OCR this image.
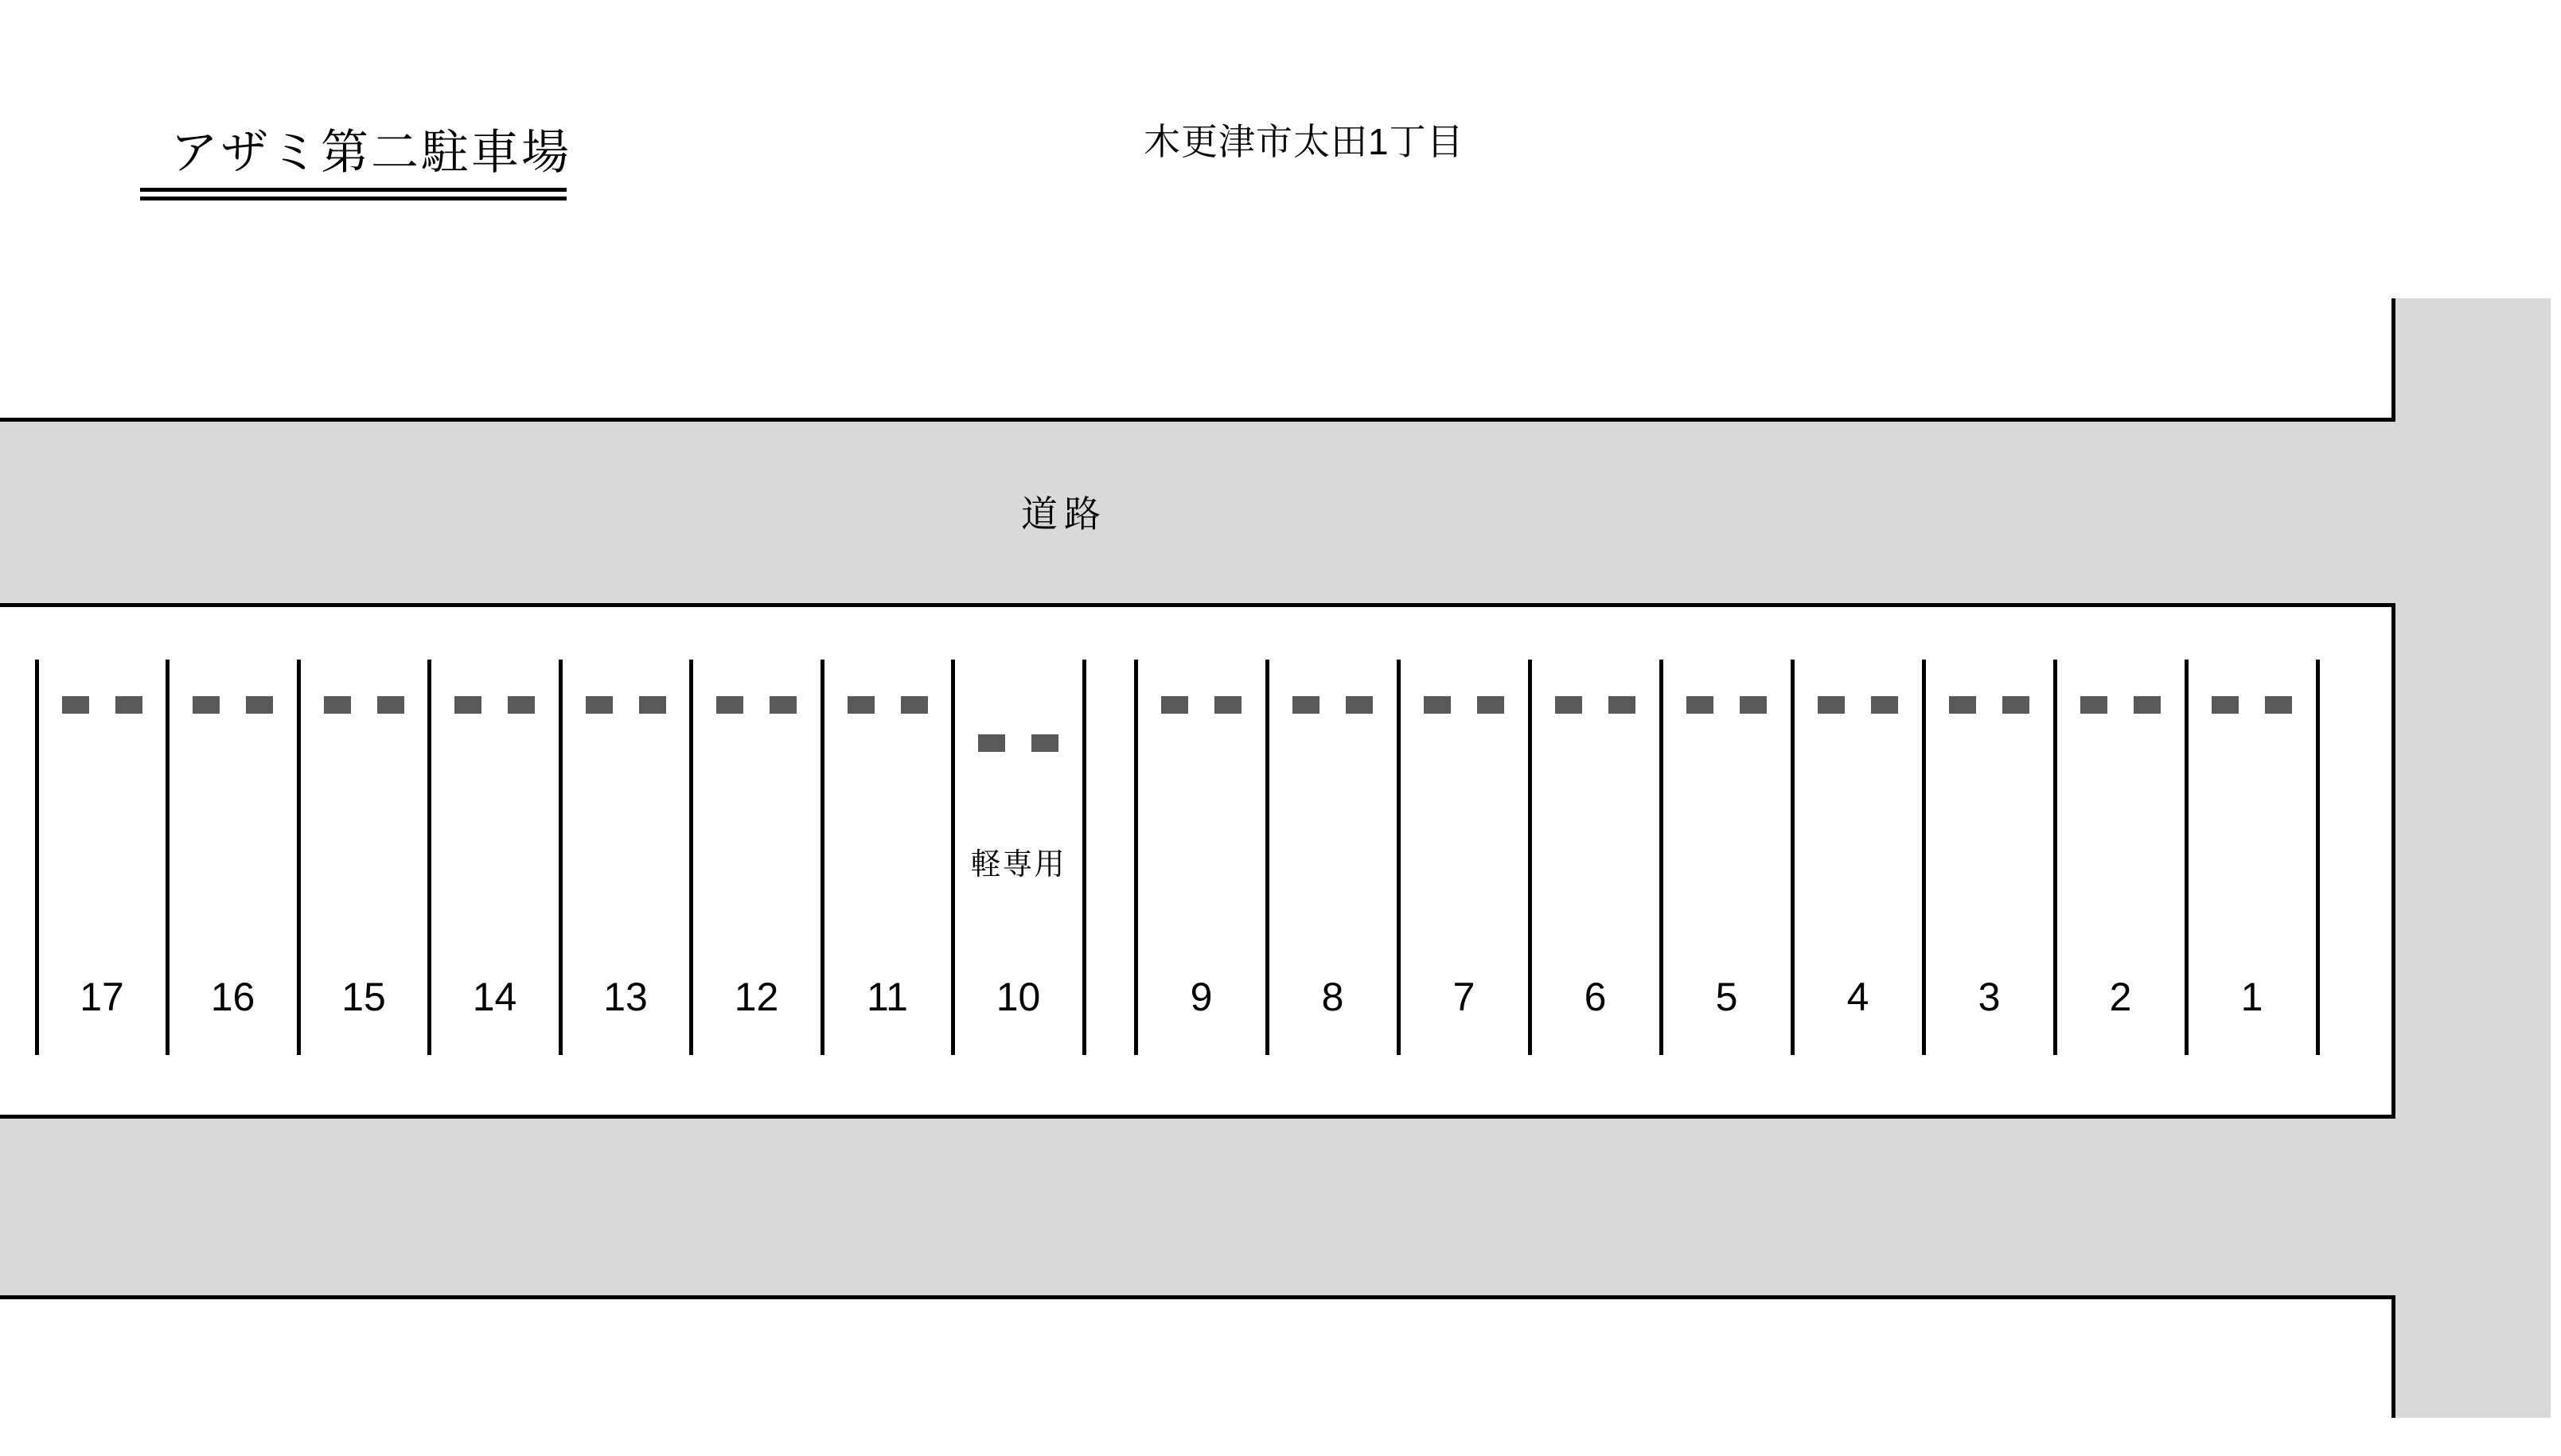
アザミ第二駐車場	木更津市太田1丁目
道路
17	16	15	14	13	12	11	10
軽専用
9	8	7	6	5	4	3	2	1
